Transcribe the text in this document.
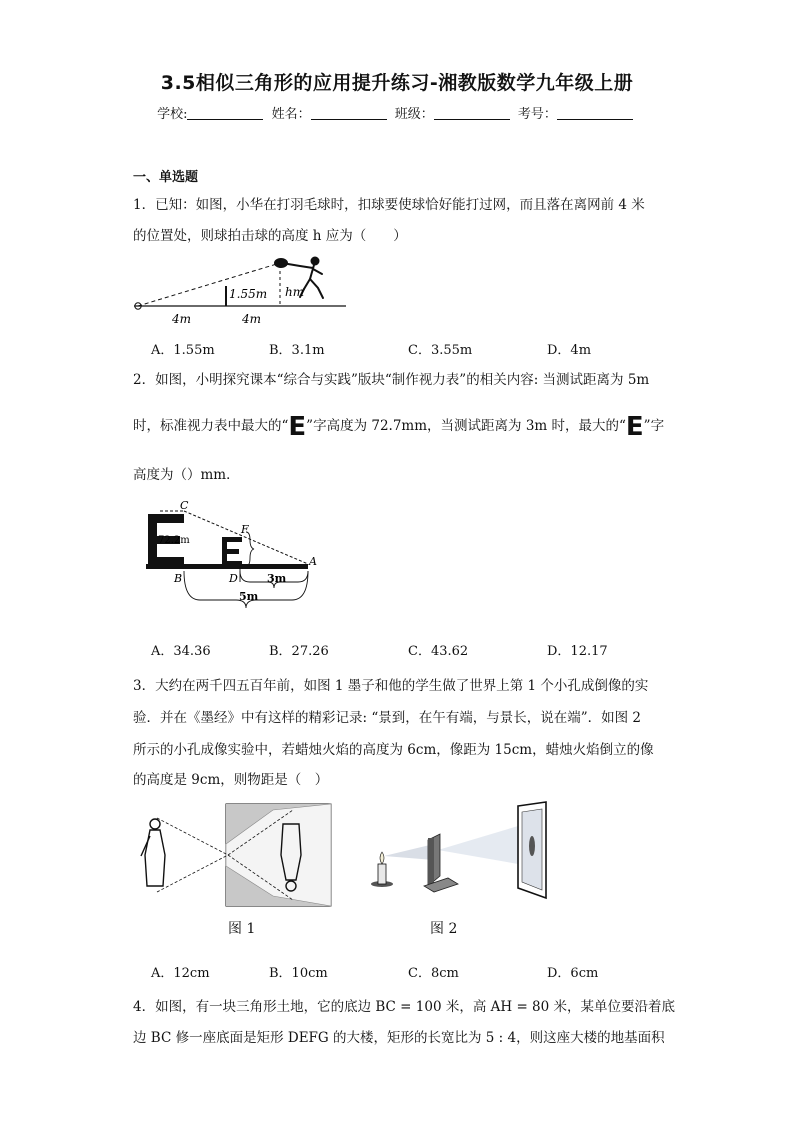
3.5相似三角形的应用提升练习-湘教版数学九年级上册
学校:	姓名：	班级：	考号：
一、单选题
1．已知：如图，小华在打羽毛球时，扣球要使球恰好能打过网，而且落在离网前 4 米
的位置处，则球拍击球的高度 h 应为（　　）
1.55m hm
4m	4m
A．1.55m	B．3.1m	C．3.55m	D．4m
2．如图，小明探究课本“综合与实践”版块“制作视力表”的相关内容: 当测试距离为 5m
时，标准视力表中最大的“E”字高度为 72.7mm，当测试距离为 3m 时，最大的“E”字
高度为（）mm．
C
F
B	D
A
72.2m
3m
5m
A．34.36	B．27.26	C．43.62	D．12.17
3．大约在两千四五百年前，如图 1 墨子和他的学生做了世界上第 1 个小孔成倒像的实
验．并在《墨经》中有这样的精彩记录: “景到，在午有端，与景长，说在端”．如图 2
所示的小孔成像实验中，若蜡烛火焰的高度为 6cm，像距为 15cm，蜡烛火焰倒立的像
的高度是 9cm，则物距是（　）
图 1	图 2
A．12cm	B．10cm	C．8cm	D．6cm
4．如图，有一块三角形土地，它的底边 BC = 100 米，高 AH = 80 米，某单位要沿着底
边 BC 修一座底面是矩形 DEFG 的大楼，矩形的长宽比为 5 : 4，则这座大楼的地基面积
